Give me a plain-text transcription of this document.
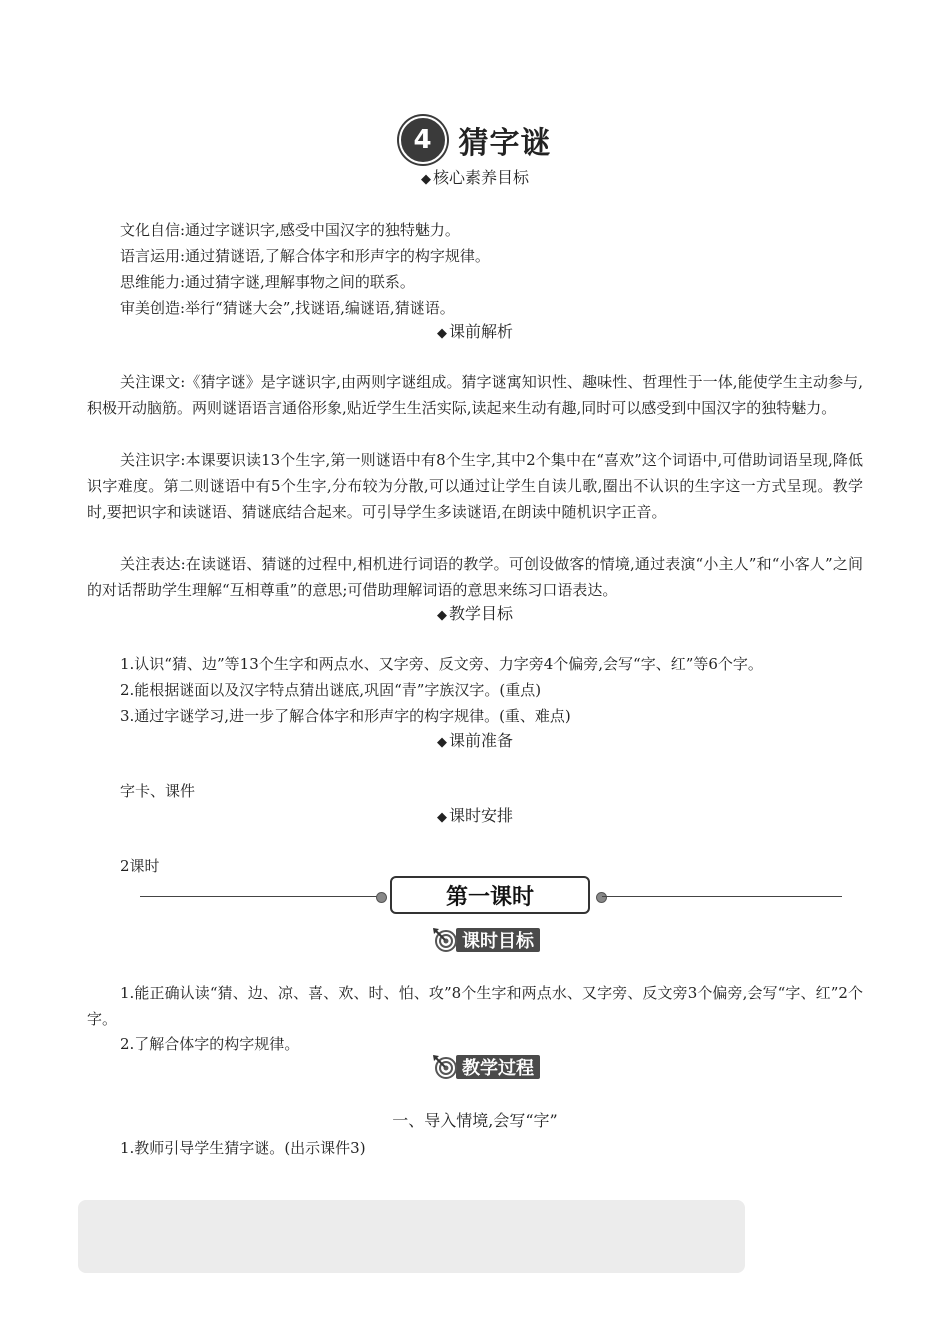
4 猜字谜
◆ 核心素养目标
文化自信:通过字谜识字,感受中国汉字的独特魅力。
语言运用:通过猜谜语,了解合体字和形声字的构字规律。
思维能力:通过猜字谜,理解事物之间的联系。
审美创造:举行“猜谜大会”,找谜语,编谜语,猜谜语。
◆ 课前解析
关注课文:《猜字谜》是字谜识字,由两则字谜组成。猜字谜寓知识性、趣味性、哲理性于一体,能使学生主动参与,积极开动脑筋。两则谜语语言通俗形象,贴近学生生活实际,读起来生动有趣,同时可以感受到中国汉字的独特魅力。
关注识字:本课要识读13个生字,第一则谜语中有8个生字,其中2个集中在“喜欢”这个词语中,可借助词语呈现,降低识字难度。第二则谜语中有5个生字,分布较为分散,可以通过让学生自读儿歌,圈出不认识的生字这一方式呈现。教学时,要把识字和读谜语、猜谜底结合起来。可引导学生多读谜语,在朗读中随机识字正音。
关注表达:在读谜语、猜谜的过程中,相机进行词语的教学。可创设做客的情境,通过表演“小主人”和“小客人”之间的对话帮助学生理解“互相尊重”的意思;可借助理解词语的意思来练习口语表达。
◆ 教学目标
1.认识“猜、边”等13个生字和两点水、又字旁、反文旁、力字旁4个偏旁,会写“字、红”等6个字。
2.能根据谜面以及汉字特点猜出谜底,巩固“青”字族汉字。(重点)
3.通过字谜学习,进一步了解合体字和形声字的构字规律。(重、难点)
◆ 课前准备
字卡、课件
◆ 课时安排
2课时
第一课时
课时目标
1.能正确认读“猜、边、凉、喜、欢、时、怕、攻”8个生字和两点水、又字旁、反文旁3个偏旁,会写“字、红”2个字。
2.了解合体字的构字规律。
教学过程
一、导入情境,会写“字”
1.教师引导学生猜字谜。(出示课件3)
